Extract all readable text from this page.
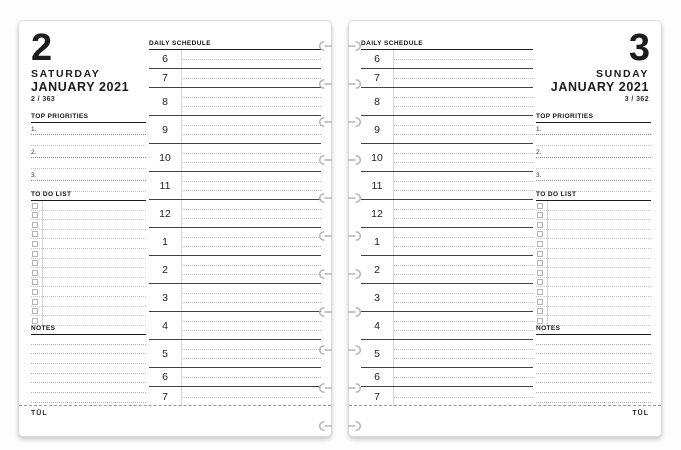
2
SATURDAY
JANUARY 2021
2 / 363
TOP PRIORITIES
1.
2.
3.
TO DO LIST
NOTES
DAILY SCHEDULE
6
7
8
9
10
11
12
1
2
3
4
5
6
7
TŪL
3
SUNDAY
JANUARY 2021
3 / 362
TOP PRIORITIES
1.
2.
3.
TO DO LIST
NOTES
DAILY SCHEDULE
6
7
8
9
10
11
12
1
2
3
4
5
6
7
TŪL
